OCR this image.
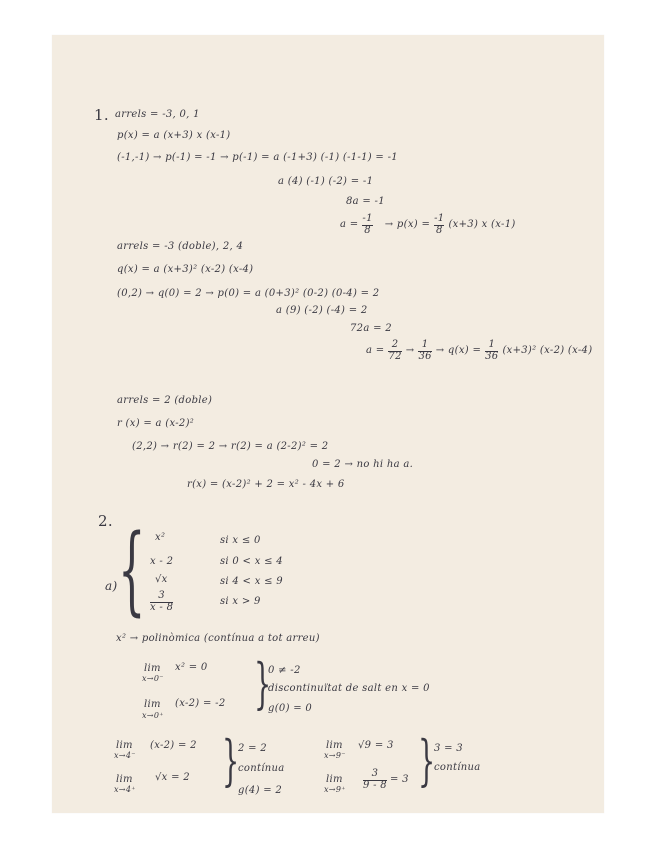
1. arrels = -3, 0, 1
p(x) = a (x+3) x (x-1)
(-1,-1) → p(-1) = -1 → p(-1) = a (-1+3) (-1) (-1-1) = -1
a (4) (-1) (-2) = -1
8a = -1
$a = \frac{-1}{8} \to p(x) = \frac{-1}{8} (x+3)$ x (x-1)
arrels = -3 (doble), 2, 4
q(x) = a (x+3)² (x-2) (x-4)
(0,2) → q(0) = 2 → p(0) = a (0+3)² (0-2) (0-4) = 2
a (9) (-2) (-4) = 2
72a = 2
$a = \frac{2}{72} \to \frac{1}{36} \to q(x) = \frac{1}{36} (x+3)^2$ (x-2) (x-4)
arrels = 2 (doble)
r (x) = a (x-2)²
(2,2) → r(2) = 2 → r(2) = a (2-2)² = 2
0 = 2 → no hi ha a.
r(x) = (x-2)² + 2 = x² - 4x + 6
2.
a) { x²
x - 2
√x
3
x - 8
si x ≤ 0
si 0 < x ≤ 4
si 4 < x ≤ 9
si x > 9
x² → polinòmica (contínua a tot arreu)
lim
x→0⁻
x² = 0
lim
x→0⁺
(x-2) = -2 }
0 ≠ -2
discontinuïtat de salt en x = 0
g(0) = 0
lim
x→4⁻
(x-2) = 2
lim
x→4⁺
√x = 2 }
2 = 2
contínua
g(4) = 2
lim
x→9⁻
√9 = 3
lim
$x\to 9^+ \frac{3}{9 - 8} = 3$ }
3 = 3
contínua
